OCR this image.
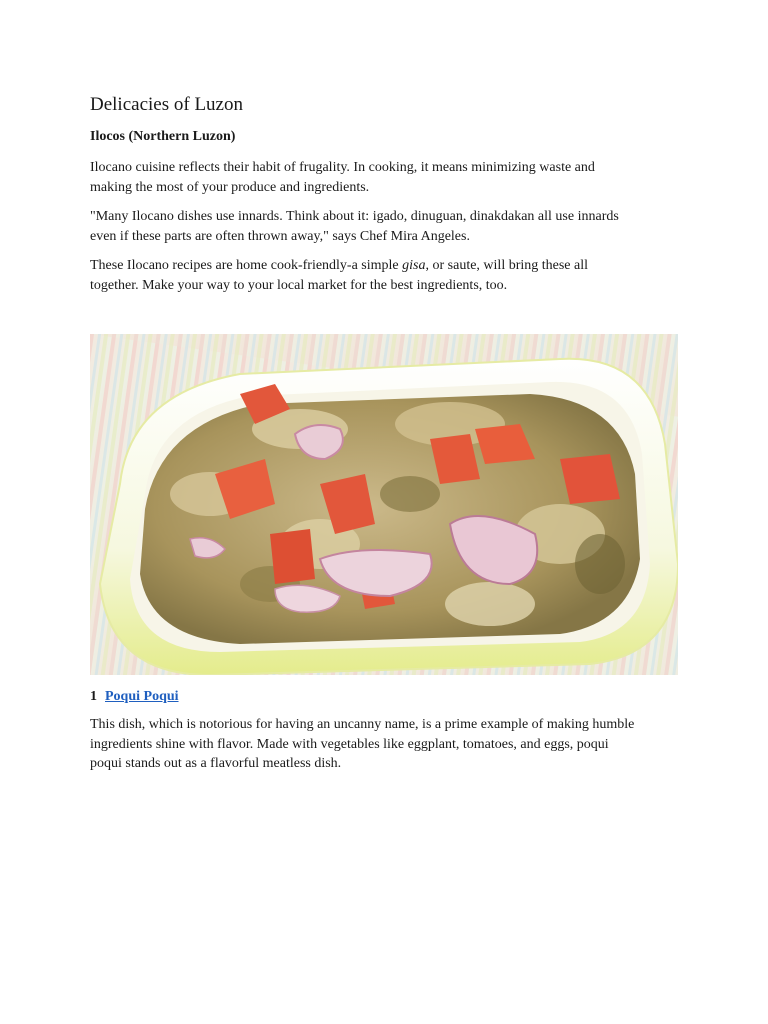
Delicacies of Luzon
Ilocos (Northern Luzon)

Ilocano cuisine reflects their habit of frugality. In cooking, it means minimizing waste and
making the most of your produce and ingredients.

"Many Ilocano dishes use innards. Think about it: igado, dinuguan, dinakdakan all use innards
even if these parts are often thrown away," says Chef Mira Angeles.

These Ilocano recipes are home cook-friendly-a simple gisa, or saute, will bring these all
together. Make your way to your local market for the best ingredients, too.

1 Poqui Poqui

This dish, which is notorious for having an uncanny name, is a prime example of making humble
ingredients shine with flavor. Made with vegetables like eggplant, tomatoes, and eggs, poqui
poqui stands out as a flavorful meatless dish.
